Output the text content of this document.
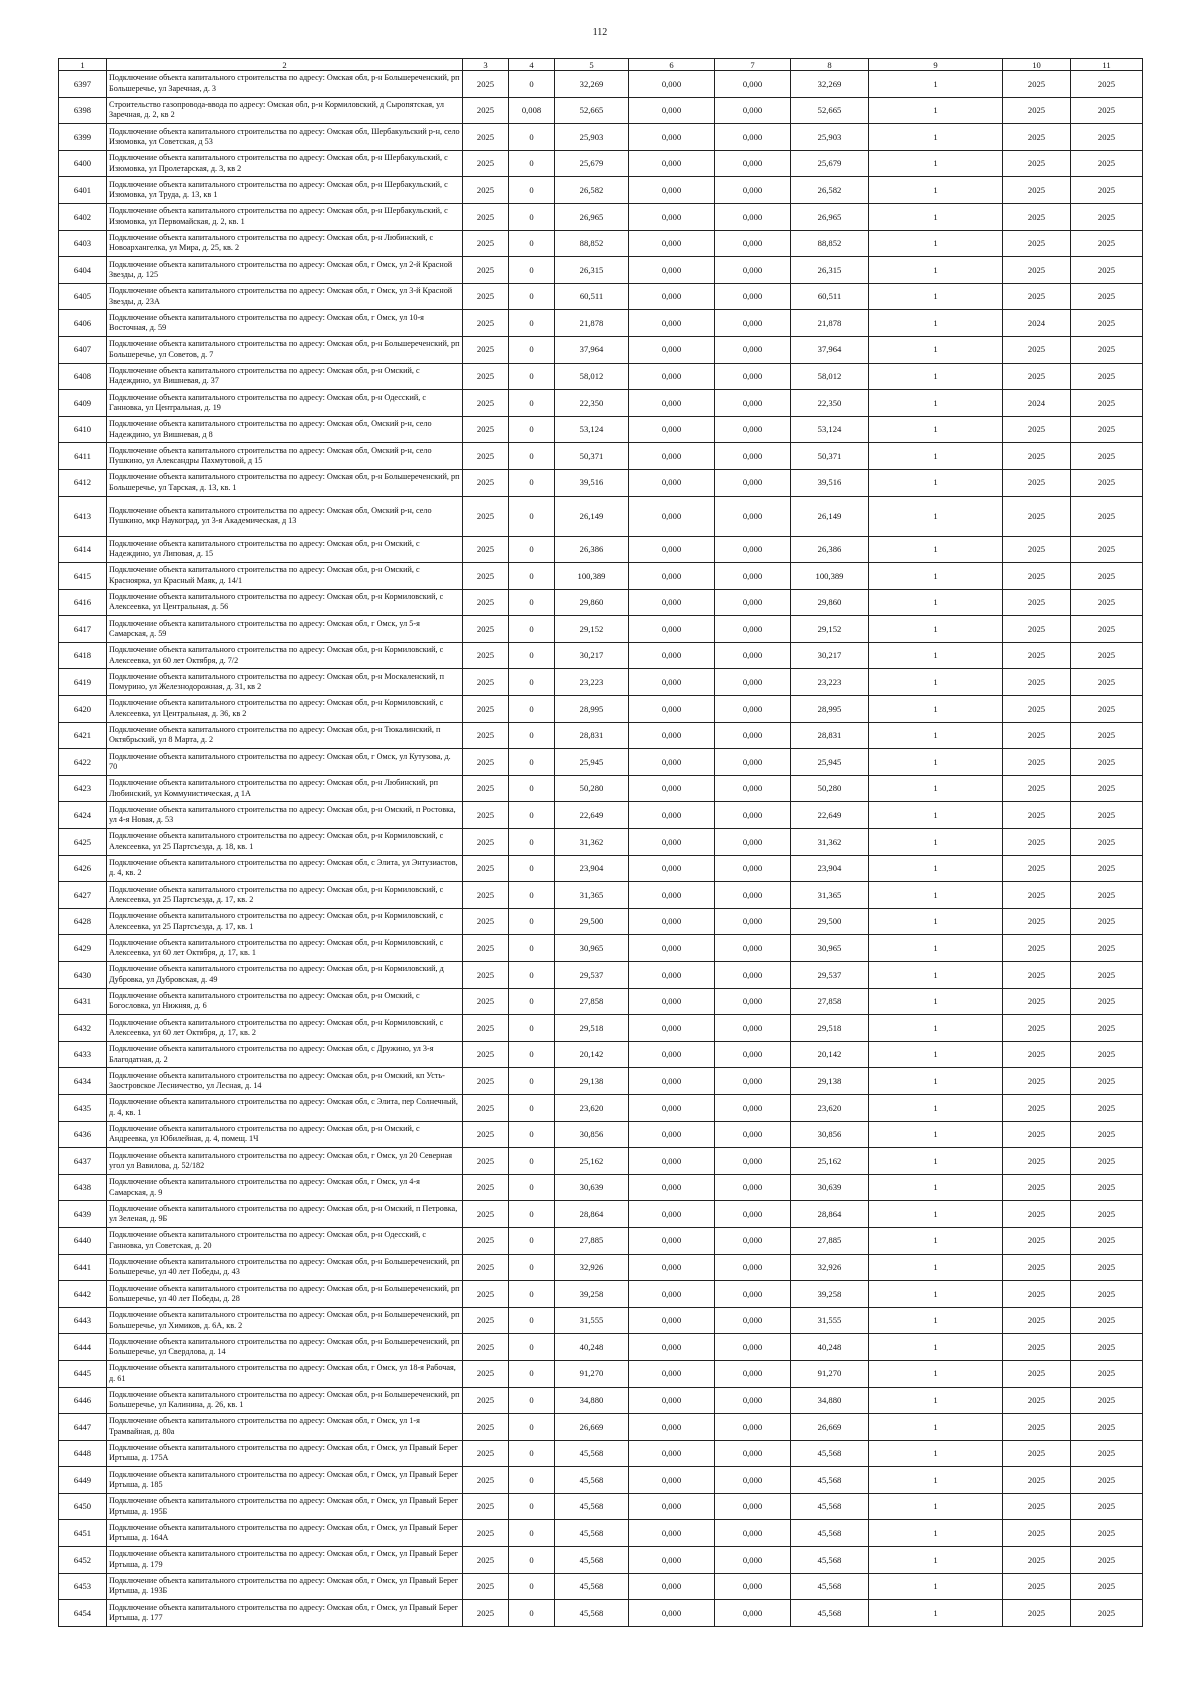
112
1	2	3	4	5	6	7	8	9	10	11
6397	Подключение объекта капитального строительства по адресу: Омская обл, р-н Большереченский, рп Большеречье, ул Заречная, д. 3	2025	0	32,269	0,000	0,000	32,269	1	2025	2025
6398	Строительство газопровода-ввода по адресу: Омская обл, р-н Кормиловский, д Сыропятская, ул Заречная, д. 2, кв 2	2025	0,008	52,665	0,000	0,000	52,665	1	2025	2025
6399	Подключение объекта капитального строительства по адресу: Омская обл, Шербакульский р-н, село Изюмовка, ул Советская, д 53	2025	0	25,903	0,000	0,000	25,903	1	2025	2025
6400	Подключение объекта капитального строительства по адресу: Омская обл, р-н Шербакульский, с Изюмовка, ул Пролетарская, д. 3, кв 2	2025	0	25,679	0,000	0,000	25,679	1	2025	2025
6401	Подключение объекта капитального строительства по адресу: Омская обл, р-н Шербакульский, с Изюмовка, ул Труда, д. 13, кв 1	2025	0	26,582	0,000	0,000	26,582	1	2025	2025
6402	Подключение объекта капитального строительства по адресу: Омская обл, р-н Шербакульский, с Изюмовка, ул Первомайская, д. 2, кв. 1	2025	0	26,965	0,000	0,000	26,965	1	2025	2025
6403	Подключение объекта капитального строительства по адресу: Омская обл, р-н Любинский, с Новоархангелка, ул Мира, д. 25, кв. 2	2025	0	88,852	0,000	0,000	88,852	1	2025	2025
6404	Подключение объекта капитального строительства по адресу: Омская обл, г Омск, ул 2-й Красной Звезды, д. 125	2025	0	26,315	0,000	0,000	26,315	1	2025	2025
6405	Подключение объекта капитального строительства по адресу: Омская обл, г Омск, ул 3-й Красной Звезды, д. 23А	2025	0	60,511	0,000	0,000	60,511	1	2025	2025
6406	Подключение объекта капитального строительства по адресу: Омская обл, г Омск, ул 10-я Восточная, д. 59	2025	0	21,878	0,000	0,000	21,878	1	2024	2025
6407	Подключение объекта капитального строительства по адресу: Омская обл, р-н Большереченский, рп Большеречье, ул Советов, д. 7	2025	0	37,964	0,000	0,000	37,964	1	2025	2025
6408	Подключение объекта капитального строительства по адресу: Омская обл, р-н Омский, с Надеждино, ул Вишневая, д. 37	2025	0	58,012	0,000	0,000	58,012	1	2025	2025
6409	Подключение объекта капитального строительства по адресу: Омская обл, р-н Одесский, с Ганновка, ул Центральная, д. 19	2025	0	22,350	0,000	0,000	22,350	1	2024	2025
6410	Подключение объекта капитального строительства по адресу: Омская обл, Омский р-н, село Надеждино, ул Вишневая, д 8	2025	0	53,124	0,000	0,000	53,124	1	2025	2025
6411	Подключение объекта капитального строительства по адресу: Омская обл, Омский р-н, село Пушкино, ул Александры Пахмутовой, д 15	2025	0	50,371	0,000	0,000	50,371	1	2025	2025
6412	Подключение объекта капитального строительства по адресу: Омская обл, р-н Большереченский, рп Большеречье, ул Тарская, д. 13, кв. 1	2025	0	39,516	0,000	0,000	39,516	1	2025	2025
6413	Подключение объекта капитального строительства по адресу: Омская обл, Омский р-н, село Пушкино, мкр Наукоград, ул 3-я Академическая, д 13	2025	0	26,149	0,000	0,000	26,149	1	2025	2025
6414	Подключение объекта капитального строительства по адресу: Омская обл, р-н Омский, с Надеждино, ул Липовая, д. 15	2025	0	26,386	0,000	0,000	26,386	1	2025	2025
6415	Подключение объекта капитального строительства по адресу: Омская обл, р-н Омский, с Красноярка, ул Красный Маяк, д. 14/1	2025	0	100,389	0,000	0,000	100,389	1	2025	2025
6416	Подключение объекта капитального строительства по адресу: Омская обл, р-н Кормиловский, с Алексеевка, ул Центральная, д. 56	2025	0	29,860	0,000	0,000	29,860	1	2025	2025
6417	Подключение объекта капитального строительства по адресу: Омская обл, г Омск, ул 5-я Самарская, д. 59	2025	0	29,152	0,000	0,000	29,152	1	2025	2025
6418	Подключение объекта капитального строительства по адресу: Омская обл, р-н Кормиловский, с Алексеевка, ул 60 лет Октября, д. 7/2	2025	0	30,217	0,000	0,000	30,217	1	2025	2025
6419	Подключение объекта капитального строительства по адресу: Омская обл, р-н Москаленский, п Помурино, ул Железнодорожная, д. 31, кв 2	2025	0	23,223	0,000	0,000	23,223	1	2025	2025
6420	Подключение объекта капитального строительства по адресу: Омская обл, р-н Кормиловский, с Алексеевка, ул Центральная, д. 36, кв 2	2025	0	28,995	0,000	0,000	28,995	1	2025	2025
6421	Подключение объекта капитального строительства по адресу: Омская обл, р-н Тюкалинский, п Октябрьский, ул 8 Марта, д. 2	2025	0	28,831	0,000	0,000	28,831	1	2025	2025
6422	Подключение объекта капитального строительства по адресу: Омская обл, г Омск, ул Кутузова, д. 70	2025	0	25,945	0,000	0,000	25,945	1	2025	2025
6423	Подключение объекта капитального строительства по адресу: Омская обл, р-н Любинский, рп Любинский, ул Коммунистическая, д 1А	2025	0	50,280	0,000	0,000	50,280	1	2025	2025
6424	Подключение объекта капитального строительства по адресу: Омская обл, р-н Омский, п Ростовка, ул 4-я Новая, д. 53	2025	0	22,649	0,000	0,000	22,649	1	2025	2025
6425	Подключение объекта капитального строительства по адресу: Омская обл, р-н Кормиловский, с Алексеевка, ул 25 Партсъезда, д. 18, кв. 1	2025	0	31,362	0,000	0,000	31,362	1	2025	2025
6426	Подключение объекта капитального строительства по адресу: Омская обл, с Элита, ул Энтузиастов, д. 4, кв. 2	2025	0	23,904	0,000	0,000	23,904	1	2025	2025
6427	Подключение объекта капитального строительства по адресу: Омская обл, р-н Кормиловский, с Алексеевка, ул 25 Партсъезда, д. 17, кв. 2	2025	0	31,365	0,000	0,000	31,365	1	2025	2025
6428	Подключение объекта капитального строительства по адресу: Омская обл, р-н Кормиловский, с Алексеевка, ул 25 Партсъезда, д. 17, кв. 1	2025	0	29,500	0,000	0,000	29,500	1	2025	2025
6429	Подключение объекта капитального строительства по адресу: Омская обл, р-н Кормиловский, с Алексеевка, ул 60 лет Октября, д. 17, кв. 1	2025	0	30,965	0,000	0,000	30,965	1	2025	2025
6430	Подключение объекта капитального строительства по адресу: Омская обл, р-н Кормиловский, д Дубровка, ул Дубровская, д. 49	2025	0	29,537	0,000	0,000	29,537	1	2025	2025
6431	Подключение объекта капитального строительства по адресу: Омская обл, р-н Омский, с Богословка, ул Нижняя, д. 6	2025	0	27,858	0,000	0,000	27,858	1	2025	2025
6432	Подключение объекта капитального строительства по адресу: Омская обл, р-н Кормиловский, с Алексеевка, ул 60 лет Октября, д. 17, кв. 2	2025	0	29,518	0,000	0,000	29,518	1	2025	2025
6433	Подключение объекта капитального строительства по адресу: Омская обл, с Дружино, ул 3-я Благодатная, д. 2	2025	0	20,142	0,000	0,000	20,142	1	2025	2025
6434	Подключение объекта капитального строительства по адресу: Омская обл, р-н Омский, кп Усть-Заостровское Лесничество, ул Лесная, д. 14	2025	0	29,138	0,000	0,000	29,138	1	2025	2025
6435	Подключение объекта капитального строительства по адресу: Омская обл, с Элита, пер Солнечный, д. 4, кв. 1	2025	0	23,620	0,000	0,000	23,620	1	2025	2025
6436	Подключение объекта капитального строительства по адресу: Омская обл, р-н Омский, с Андреевка, ул Юбилейная, д. 4, помещ. 1Ч	2025	0	30,856	0,000	0,000	30,856	1	2025	2025
6437	Подключение объекта капитального строительства по адресу: Омская обл, г Омск, ул 20 Северная угол ул Вавилова, д. 52/182	2025	0	25,162	0,000	0,000	25,162	1	2025	2025
6438	Подключение объекта капитального строительства по адресу: Омская обл, г Омск, ул 4-я Самарская, д. 9	2025	0	30,639	0,000	0,000	30,639	1	2025	2025
6439	Подключение объекта капитального строительства по адресу: Омская обл, р-н Омский, п Петровка, ул Зеленая, д. 9Б	2025	0	28,864	0,000	0,000	28,864	1	2025	2025
6440	Подключение объекта капитального строительства по адресу: Омская обл, р-н Одесский, с Ганновка, ул Советская, д. 20	2025	0	27,885	0,000	0,000	27,885	1	2025	2025
6441	Подключение объекта капитального строительства по адресу: Омская обл, р-н Большереченский, рп Большеречье, ул 40 лет Победы, д. 43	2025	0	32,926	0,000	0,000	32,926	1	2025	2025
6442	Подключение объекта капитального строительства по адресу: Омская обл, р-н Большереченский, рп Большеречье, ул 40 лет Победы, д. 28	2025	0	39,258	0,000	0,000	39,258	1	2025	2025
6443	Подключение объекта капитального строительства по адресу: Омская обл, р-н Большереченский, рп Большеречье, ул Химиков, д. 6А, кв. 2	2025	0	31,555	0,000	0,000	31,555	1	2025	2025
6444	Подключение объекта капитального строительства по адресу: Омская обл, р-н Большереченский, рп Большеречье, ул Свердлова, д. 14	2025	0	40,248	0,000	0,000	40,248	1	2025	2025
6445	Подключение объекта капитального строительства по адресу: Омская обл, г Омск, ул 18-я Рабочая, д. 61	2025	0	91,270	0,000	0,000	91,270	1	2025	2025
6446	Подключение объекта капитального строительства по адресу: Омская обл, р-н Большереченский, рп Большеречье, ул Калинина, д. 26, кв. 1	2025	0	34,880	0,000	0,000	34,880	1	2025	2025
6447	Подключение объекта капитального строительства по адресу: Омская обл, г Омск, ул 1-я Трамвайная, д. 80а	2025	0	26,669	0,000	0,000	26,669	1	2025	2025
6448	Подключение объекта капитального строительства по адресу: Омская обл, г Омск, ул Правый Берег Иртыша, д. 175А	2025	0	45,568	0,000	0,000	45,568	1	2025	2025
6449	Подключение объекта капитального строительства по адресу: Омская обл, г Омск, ул Правый Берег Иртыша, д. 185	2025	0	45,568	0,000	0,000	45,568	1	2025	2025
6450	Подключение объекта капитального строительства по адресу: Омская обл, г Омск, ул Правый Берег Иртыша, д. 195Б	2025	0	45,568	0,000	0,000	45,568	1	2025	2025
6451	Подключение объекта капитального строительства по адресу: Омская обл, г Омск, ул Правый Берег Иртыша, д. 164А	2025	0	45,568	0,000	0,000	45,568	1	2025	2025
6452	Подключение объекта капитального строительства по адресу: Омская обл, г Омск, ул Правый Берег Иртыша, д. 179	2025	0	45,568	0,000	0,000	45,568	1	2025	2025
6453	Подключение объекта капитального строительства по адресу: Омская обл, г Омск, ул Правый Берег Иртыша, д. 193Б	2025	0	45,568	0,000	0,000	45,568	1	2025	2025
6454	Подключение объекта капитального строительства по адресу: Омская обл, г Омск, ул Правый Берег Иртыша, д. 177	2025	0	45,568	0,000	0,000	45,568	1	2025	2025
